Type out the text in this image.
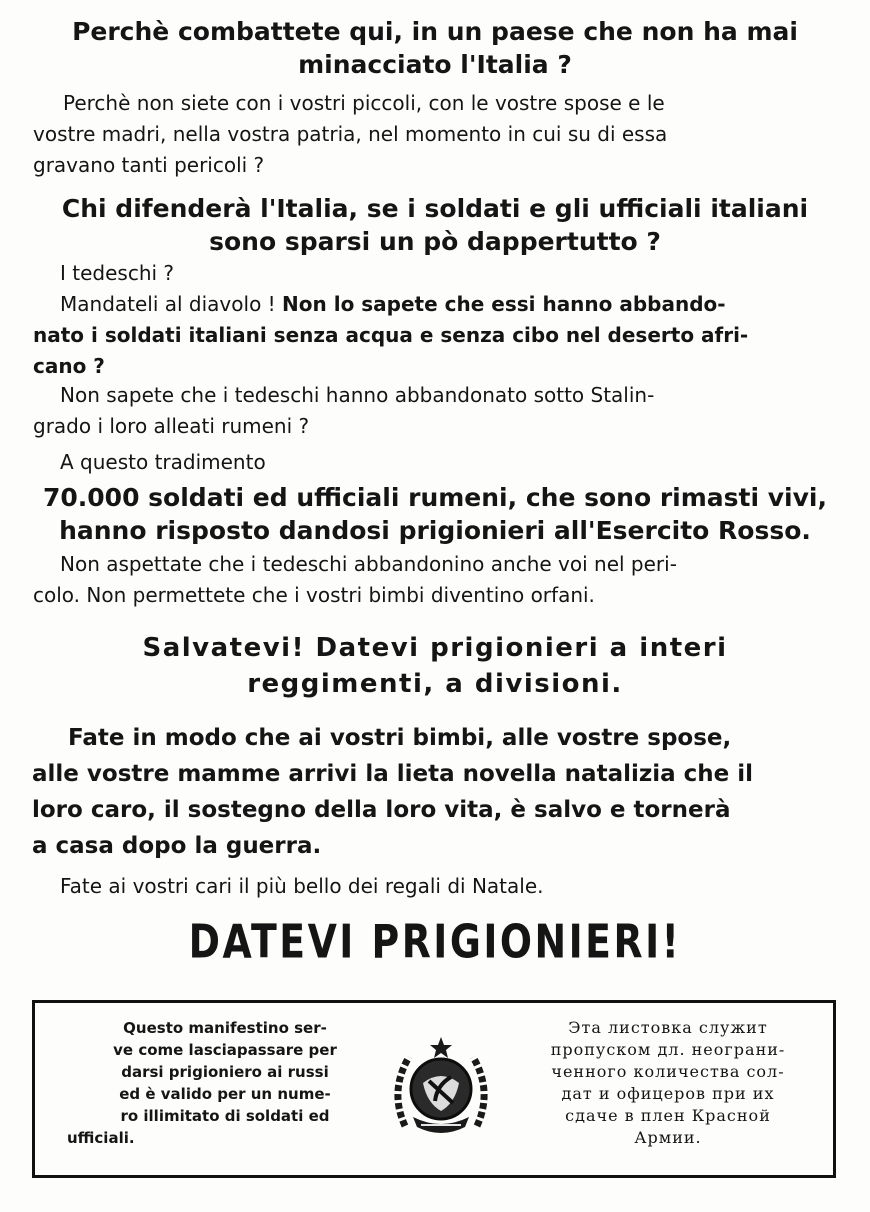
Perchè combattete qui, in un paese che non ha mai
minacciato l'Italia ?
Perchè non siete con i vostri piccoli, con le vostre spose e le
vostre madri, nella vostra patria, nel momento in cui su di essa
gravano tanti pericoli ?
Chi difenderà l'Italia, se i soldati e gli ufficiali italiani
sono sparsi un pò dappertutto ?
I tedeschi ?
Mandateli al diavolo ! Non lo sapete che essi hanno abbando-
nato i soldati italiani senza acqua e senza cibo nel deserto afri-
cano ?
Non sapete che i tedeschi hanno abbandonato sotto Stalin-
grado i loro alleati rumeni ?
A questo tradimento
70.000 soldati ed ufficiali rumeni, che sono rimasti vivi,
hanno risposto dandosi prigionieri all'Esercito Rosso.
Non aspettate che i tedeschi abbandonino anche voi nel peri-
colo. Non permettete che i vostri bimbi diventino orfani.
Salvatevi! Datevi prigionieri a interi
reggimenti, a divisioni.
Fate in modo che ai vostri bimbi, alle vostre spose,
alle vostre mamme arrivi la lieta novella natalizia che il
loro caro, il sostegno della loro vita, è salvo e tornerà
a casa dopo la guerra.
Fate ai vostri cari il più bello dei regali di Natale.
DATEVI PRIGIONIERI!
Questo manifestino ser-
ve come lasciapassare per
darsi prigioniero ai russi
ed è valido per un nume-
ro illimitato di soldati ed
ufficiali.
Эта листовка служит
пропуском дл. неограни-
ченного количества сол-
дат и офицеров при их
сдаче в плен Красной
Армии.
